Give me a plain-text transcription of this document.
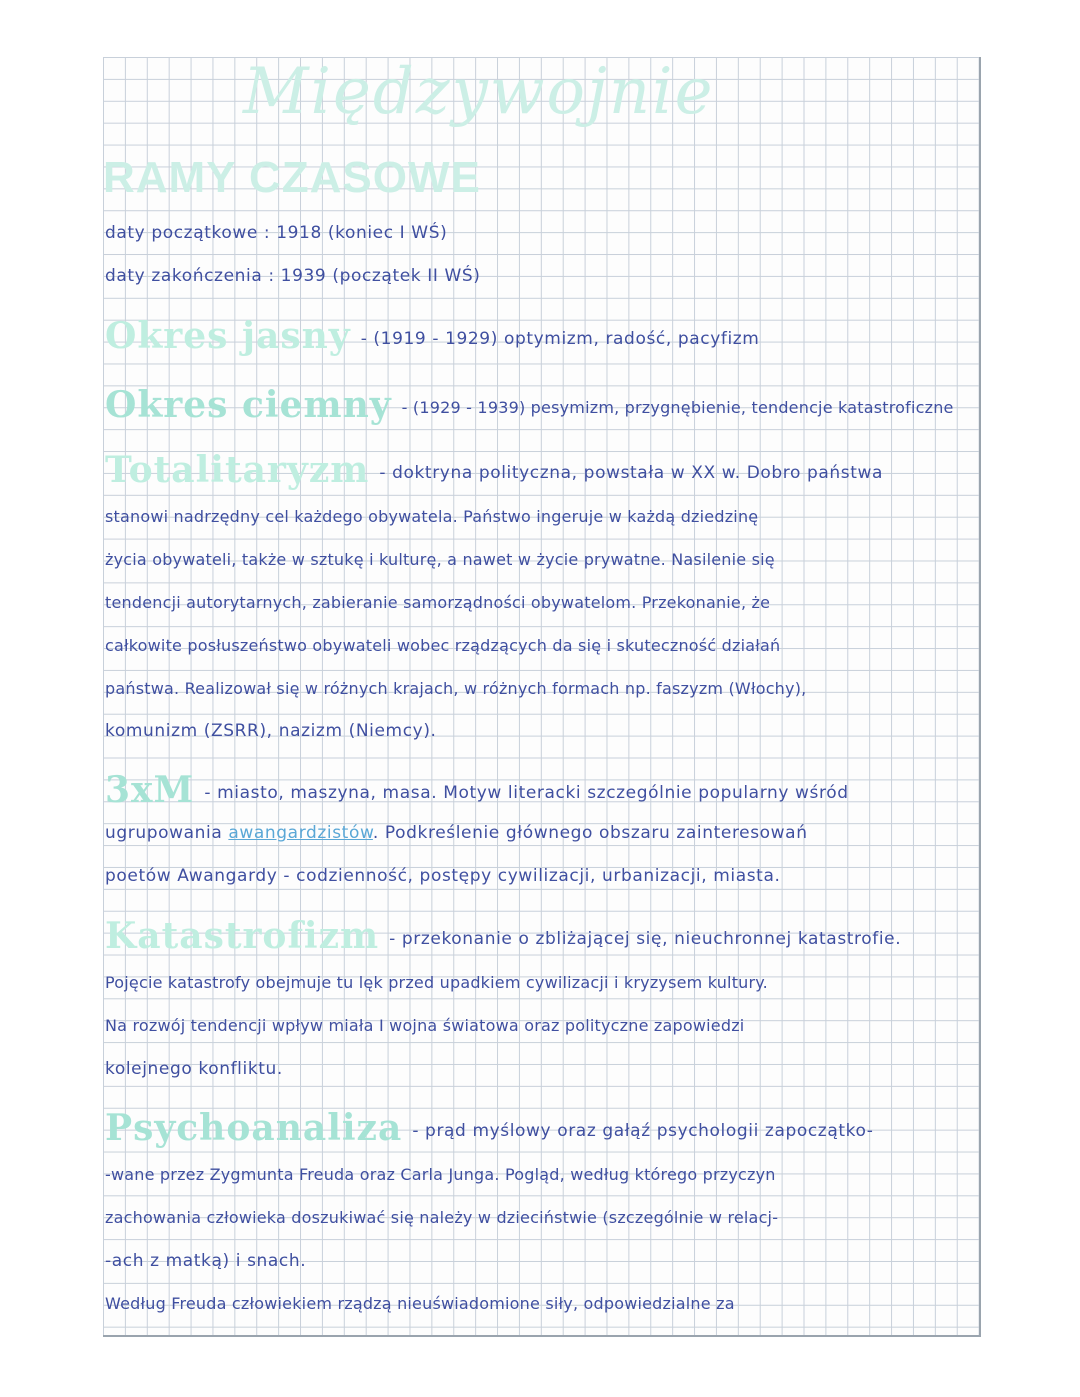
Międzywojnie
RAMY CZASOWE
daty początkowe : 1918 (koniec I WŚ)
daty zakończenia : 1939 (początek II WŚ)
Okres jasny - (1919 - 1929) optymizm, radość, pacyfizm
Okres ciemny - (1929 - 1939) pesymizm, przygnębienie, tendencje katastroficzne
Totalitaryzm - doktryna polityczna, powstała w XX w. Dobro państwa
stanowi nadrzędny cel każdego obywatela. Państwo ingeruje w każdą dziedzinę
życia obywateli, także w sztukę i kulturę, a nawet w życie prywatne. Nasilenie się
tendencji autorytarnych, zabieranie samorządności obywatelom. Przekonanie, że
całkowite posłuszeństwo obywateli wobec rządzących da się i skuteczność działań
państwa. Realizował się w różnych krajach, w różnych formach np. faszyzm (Włochy),
komunizm (ZSRR), nazizm (Niemcy).
3xM - miasto, maszyna, masa. Motyw literacki szczególnie popularny wśród
ugrupowania awangardzistów. Podkreślenie głównego obszaru zainteresowań
poetów Awangardy - codzienność, postępy cywilizacji, urbanizacji, miasta.
Katastrofizm - przekonanie o zbliżającej się, nieuchronnej katastrofie.
Pojęcie katastrofy obejmuje tu lęk przed upadkiem cywilizacji i kryzysem kultury.
Na rozwój tendencji wpływ miała I wojna światowa oraz polityczne zapowiedzi
kolejnego konfliktu.
Psychoanaliza - prąd myślowy oraz gałąź psychologii zapoczątko-
-wane przez Zygmunta Freuda oraz Carla Junga. Pogląd, według którego przyczyn
zachowania człowieka doszukiwać się należy w dzieciństwie (szczególnie w relacj-
-ach z matką) i snach.
Według Freuda człowiekiem rządzą nieuświadomione siły, odpowiedzialne za
